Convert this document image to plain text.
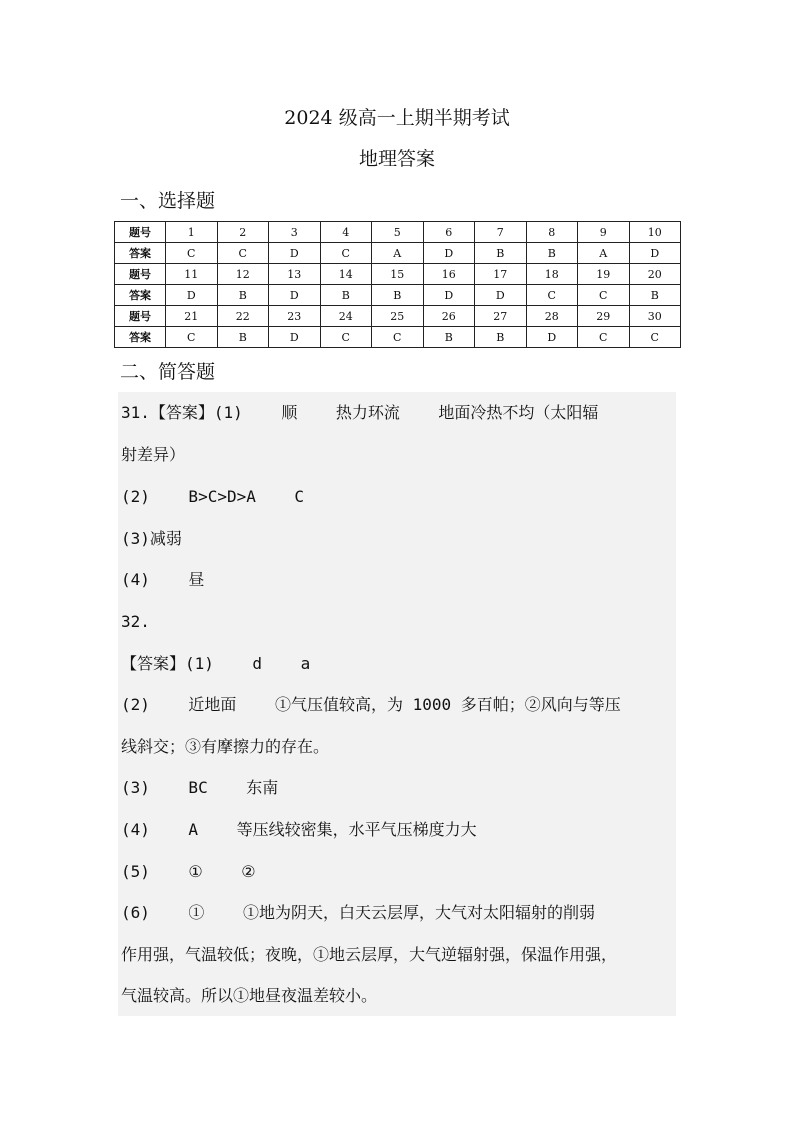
2024 级高一上期半期考试
地理答案
一、选择题
题号	1	2	3	4	5	6	7	8	9	10
答案	C	C	D	C	A	D	B	B	A	D
题号	11	12	13	14	15	16	17	18	19	20
答案	D	B	D	B	B	D	D	C	C	B
题号	21	22	23	24	25	26	27	28	29	30
答案	C	B	D	C	C	B	B	D	C	C
二、简答题
31.【答案】(1)    顺    热力环流    地面冷热不均（太阳辐
射差异）
(2)    B>C>D>A    C
(3)减弱
(4)    昼
32.
【答案】(1)    d    a
(2)    近地面    ①气压值较高，为 1000 多百帕；②风向与等压
线斜交；③有摩擦力的存在。
(3)    BC    东南
(4)    A    等压线较密集，水平气压梯度力大
(5)    ①    ②
(6)    ①    ①地为阴天，白天云层厚，大气对太阳辐射的削弱
作用强，气温较低；夜晚，①地云层厚，大气逆辐射强，保温作用强，
气温较高。所以①地昼夜温差较小。
